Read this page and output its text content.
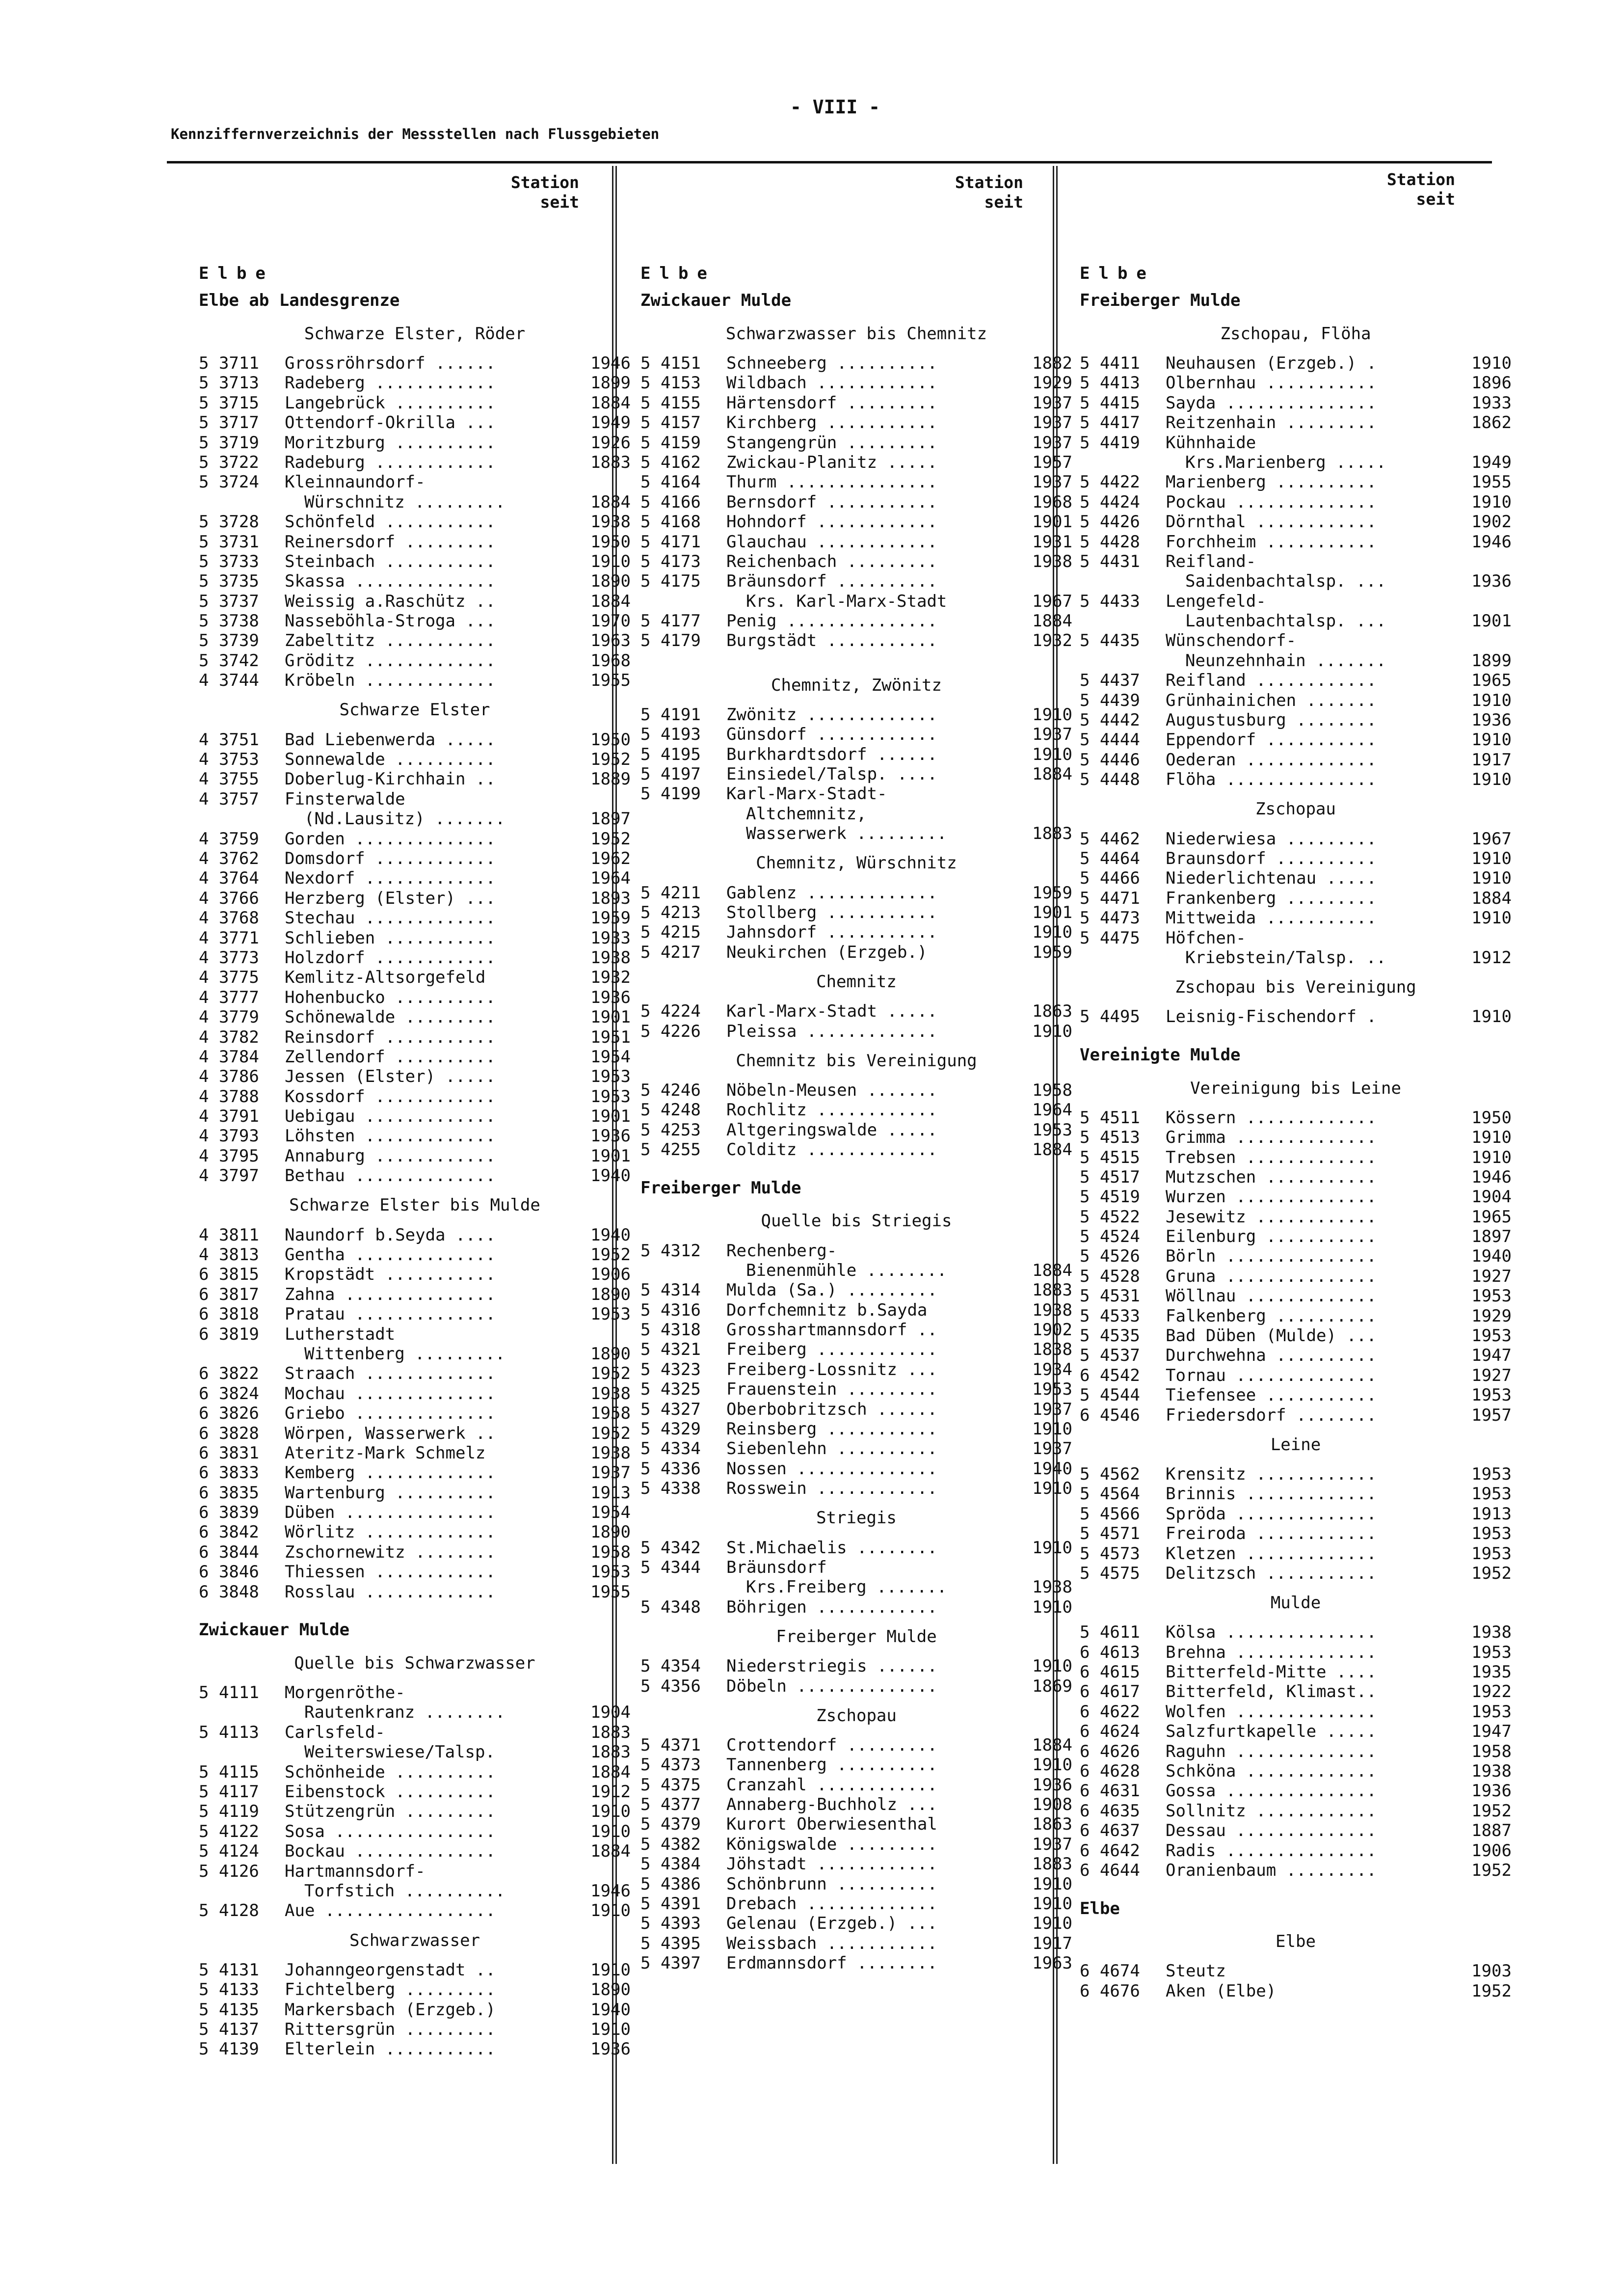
- VIII -
Kennziffernverzeichnis der Messstellen nach Flussgebieten
Station
seit
Station
seit
Station
seit
Elbe
Elbe ab Landesgrenze
Schwarze Elster, Röder
5 3711	Grossröhrsdorf ......	1946
5 3713	Radeberg ............	1899
5 3715	Langebrück ..........	1884
5 3717	Ottendorf-Okrilla ...	1949
5 3719	Moritzburg ..........	1926
5 3722	Radeburg ............	1883
5 3724	Kleinnaundorf-
Würschnitz .........	1884
5 3728	Schönfeld ...........	1938
5 3731	Reinersdorf .........	1950
5 3733	Steinbach ...........	1910
5 3735	Skassa ..............	1890
5 3737	Weissig a.Raschütz ..	1884
5 3738	Nasseböhla-Stroga ...	1970
5 3739	Zabeltitz ...........	1963
5 3742	Gröditz .............	1968
4 3744	Kröbeln .............	1955
Schwarze Elster
4 3751	Bad Liebenwerda .....	1950
4 3753	Sonnewalde ..........	1952
4 3755	Doberlug-Kirchhain ..	1889
4 3757	Finsterwalde
(Nd.Lausitz) .......	1897
4 3759	Gorden ..............	1952
4 3762	Domsdorf ............	1962
4 3764	Nexdorf .............	1964
4 3766	Herzberg (Elster) ...	1893
4 3768	Stechau .............	1959
4 3771	Schlieben ...........	1933
4 3773	Holzdorf ............	1938
4 3775	Kemlitz-Altsorgefeld	1932
4 3777	Hohenbucko ..........	1936
4 3779	Schönewalde .........	1901
4 3782	Reinsdorf ...........	1951
4 3784	Zellendorf ..........	1954
4 3786	Jessen (Elster) .....	1953
4 3788	Kossdorf ............	1953
4 3791	Uebigau .............	1901
4 3793	Löhsten .............	1936
4 3795	Annaburg ............	1901
4 3797	Bethau ..............	1940
Schwarze Elster bis Mulde
4 3811	Naundorf b.Seyda ....	1940
4 3813	Gentha ..............	1952
6 3815	Kropstädt ...........	1906
6 3817	Zahna ...............	1890
6 3818	Pratau ..............	1953
6 3819	Lutherstadt
Wittenberg .........	1890
6 3822	Straach .............	1952
6 3824	Mochau ..............	1938
6 3826	Griebo ..............	1958
6 3828	Wörpen, Wasserwerk ..	1952
6 3831	Ateritz-Mark Schmelz	1938
6 3833	Kemberg .............	1937
6 3835	Wartenburg ..........	1913
6 3839	Düben ...............	1954
6 3842	Wörlitz .............	1890
6 3844	Zschornewitz ........	1958
6 3846	Thiessen ............	1953
6 3848	Rosslau .............	1955
Zwickauer Mulde
Quelle bis Schwarzwasser
5 4111	Morgenröthe-
Rautenkranz ........	1904
5 4113	Carlsfeld-	1883
Weiterswiese/Talsp.	1883
5 4115	Schönheide ..........	1884
5 4117	Eibenstock ..........	1912
5 4119	Stützengrün .........	1910
5 4122	Sosa ................	1910
5 4124	Bockau ..............	1884
5 4126	Hartmannsdorf-
Torfstich ..........	1946
5 4128	Aue .................	1910
Schwarzwasser
5 4131	Johanngeorgenstadt ..	1910
5 4133	Fichtelberg .........	1890
5 4135	Markersbach (Erzgeb.)	1940
5 4137	Rittersgrün .........	1910
5 4139	Elterlein ...........	1936
Elbe
Zwickauer Mulde
Schwarzwasser bis Chemnitz
5 4151	Schneeberg ..........	1882
5 4153	Wildbach ............	1929
5 4155	Härtensdorf .........	1937
5 4157	Kirchberg ...........	1937
5 4159	Stangengrün .........	1937
5 4162	Zwickau-Planitz .....	1957
5 4164	Thurm ...............	1937
5 4166	Bernsdorf ...........	1968
5 4168	Hohndorf ............	1901
5 4171	Glauchau ............	1931
5 4173	Reichenbach .........	1938
5 4175	Bräunsdorf ..........
Krs. Karl-Marx-Stadt	1967
5 4177	Penig ...............	1884
5 4179	Burgstädt ...........	1932
Chemnitz, Zwönitz
5 4191	Zwönitz .............	1910
5 4193	Günsdorf ............	1937
5 4195	Burkhardtsdorf ......	1910
5 4197	Einsiedel/Talsp. ....	1884
5 4199	Karl-Marx-Stadt-
Altchemnitz,
Wasserwerk .........	1883
Chemnitz, Würschnitz
5 4211	Gablenz .............	1959
5 4213	Stollberg ...........	1901
5 4215	Jahnsdorf ...........	1910
5 4217	Neukirchen (Erzgeb.)	1959
Chemnitz
5 4224	Karl-Marx-Stadt .....	1863
5 4226	Pleissa .............	1910
Chemnitz bis Vereinigung
5 4246	Nöbeln-Meusen .......	1958
5 4248	Rochlitz ............	1964
5 4253	Altgeringswalde .....	1953
5 4255	Colditz .............	1884
Freiberger Mulde
Quelle bis Striegis
5 4312	Rechenberg-
Bienenmühle ........	1884
5 4314	Mulda (Sa.) .........	1883
5 4316	Dorfchemnitz b.Sayda	1938
5 4318	Grosshartmannsdorf ..	1902
5 4321	Freiberg ............	1838
5 4323	Freiberg-Lossnitz ...	1934
5 4325	Frauenstein .........	1953
5 4327	Oberbobritzsch ......	1937
5 4329	Reinsberg ...........	1910
5 4334	Siebenlehn ..........	1937
5 4336	Nossen ..............	1940
5 4338	Rosswein ............	1910
Striegis
5 4342	St.Michaelis ........	1910
5 4344	Bräunsdorf
Krs.Freiberg .......	1938
5 4348	Böhrigen ............	1910
Freiberger Mulde
5 4354	Niederstriegis ......	1910
5 4356	Döbeln ..............	1869
Zschopau
5 4371	Crottendorf .........	1884
5 4373	Tannenberg ..........	1910
5 4375	Cranzahl ............	1936
5 4377	Annaberg-Buchholz ...	1908
5 4379	Kurort Oberwiesenthal	1863
5 4382	Königswalde .........	1937
5 4384	Jöhstadt ............	1883
5 4386	Schönbrunn ..........	1910
5 4391	Drebach .............	1910
5 4393	Gelenau (Erzgeb.) ...	1910
5 4395	Weissbach ...........	1917
5 4397	Erdmannsdorf ........	1963
Elbe
Freiberger Mulde
Zschopau, Flöha
5 4411	Neuhausen (Erzgeb.) .	1910
5 4413	Olbernhau ...........	1896
5 4415	Sayda ...............	1933
5 4417	Reitzenhain .........	1862
5 4419	Kühnhaide
Krs.Marienberg .....	1949
5 4422	Marienberg ..........	1955
5 4424	Pockau ..............	1910
5 4426	Dörnthal ............	1902
5 4428	Forchheim ...........	1946
5 4431	Reifland-
Saidenbachtalsp. ...	1936
5 4433	Lengefeld-
Lautenbachtalsp. ...	1901
5 4435	Wünschendorf-
Neunzehnhain .......	1899
5 4437	Reifland ............	1965
5 4439	Grünhainichen .......	1910
5 4442	Augustusburg ........	1936
5 4444	Eppendorf ...........	1910
5 4446	Oederan .............	1917
5 4448	Flöha ...............	1910
Zschopau
5 4462	Niederwiesa .........	1967
5 4464	Braunsdorf ..........	1910
5 4466	Niederlichtenau .....	1910
5 4471	Frankenberg .........	1884
5 4473	Mittweida ...........	1910
5 4475	Höfchen-
Kriebstein/Talsp. ..	1912
Zschopau bis Vereinigung
5 4495	Leisnig-Fischendorf .	1910
Vereinigte Mulde
Vereinigung bis Leine
5 4511	Kössern .............	1950
5 4513	Grimma ..............	1910
5 4515	Trebsen .............	1910
5 4517	Mutzschen ...........	1946
5 4519	Wurzen ..............	1904
5 4522	Jesewitz ............	1965
5 4524	Eilenburg ...........	1897
5 4526	Börln ...............	1940
5 4528	Gruna ...............	1927
5 4531	Wöllnau .............	1953
5 4533	Falkenberg ..........	1929
5 4535	Bad Düben (Mulde) ...	1953
5 4537	Durchwehna ..........	1947
6 4542	Tornau ..............	1927
5 4544	Tiefensee ...........	1953
6 4546	Friedersdorf ........	1957
Leine
5 4562	Krensitz ............	1953
5 4564	Brinnis .............	1953
5 4566	Spröda ..............	1913
5 4571	Freiroda ............	1953
5 4573	Kletzen .............	1953
5 4575	Delitzsch ...........	1952
Mulde
5 4611	Kölsa ...............	1938
6 4613	Brehna ..............	1953
6 4615	Bitterfeld-Mitte ....	1935
6 4617	Bitterfeld, Klimast..	1922
6 4622	Wolfen ..............	1953
6 4624	Salzfurtkapelle .....	1947
6 4626	Raguhn ..............	1958
6 4628	Schköna .............	1938
6 4631	Gossa ...............	1936
6 4635	Sollnitz ............	1952
6 4637	Dessau ..............	1887
6 4642	Radis ...............	1906
6 4644	Oranienbaum .........	1952
Elbe
Elbe
6 4674	Steutz	1903
6 4676	Aken (Elbe)	1952
